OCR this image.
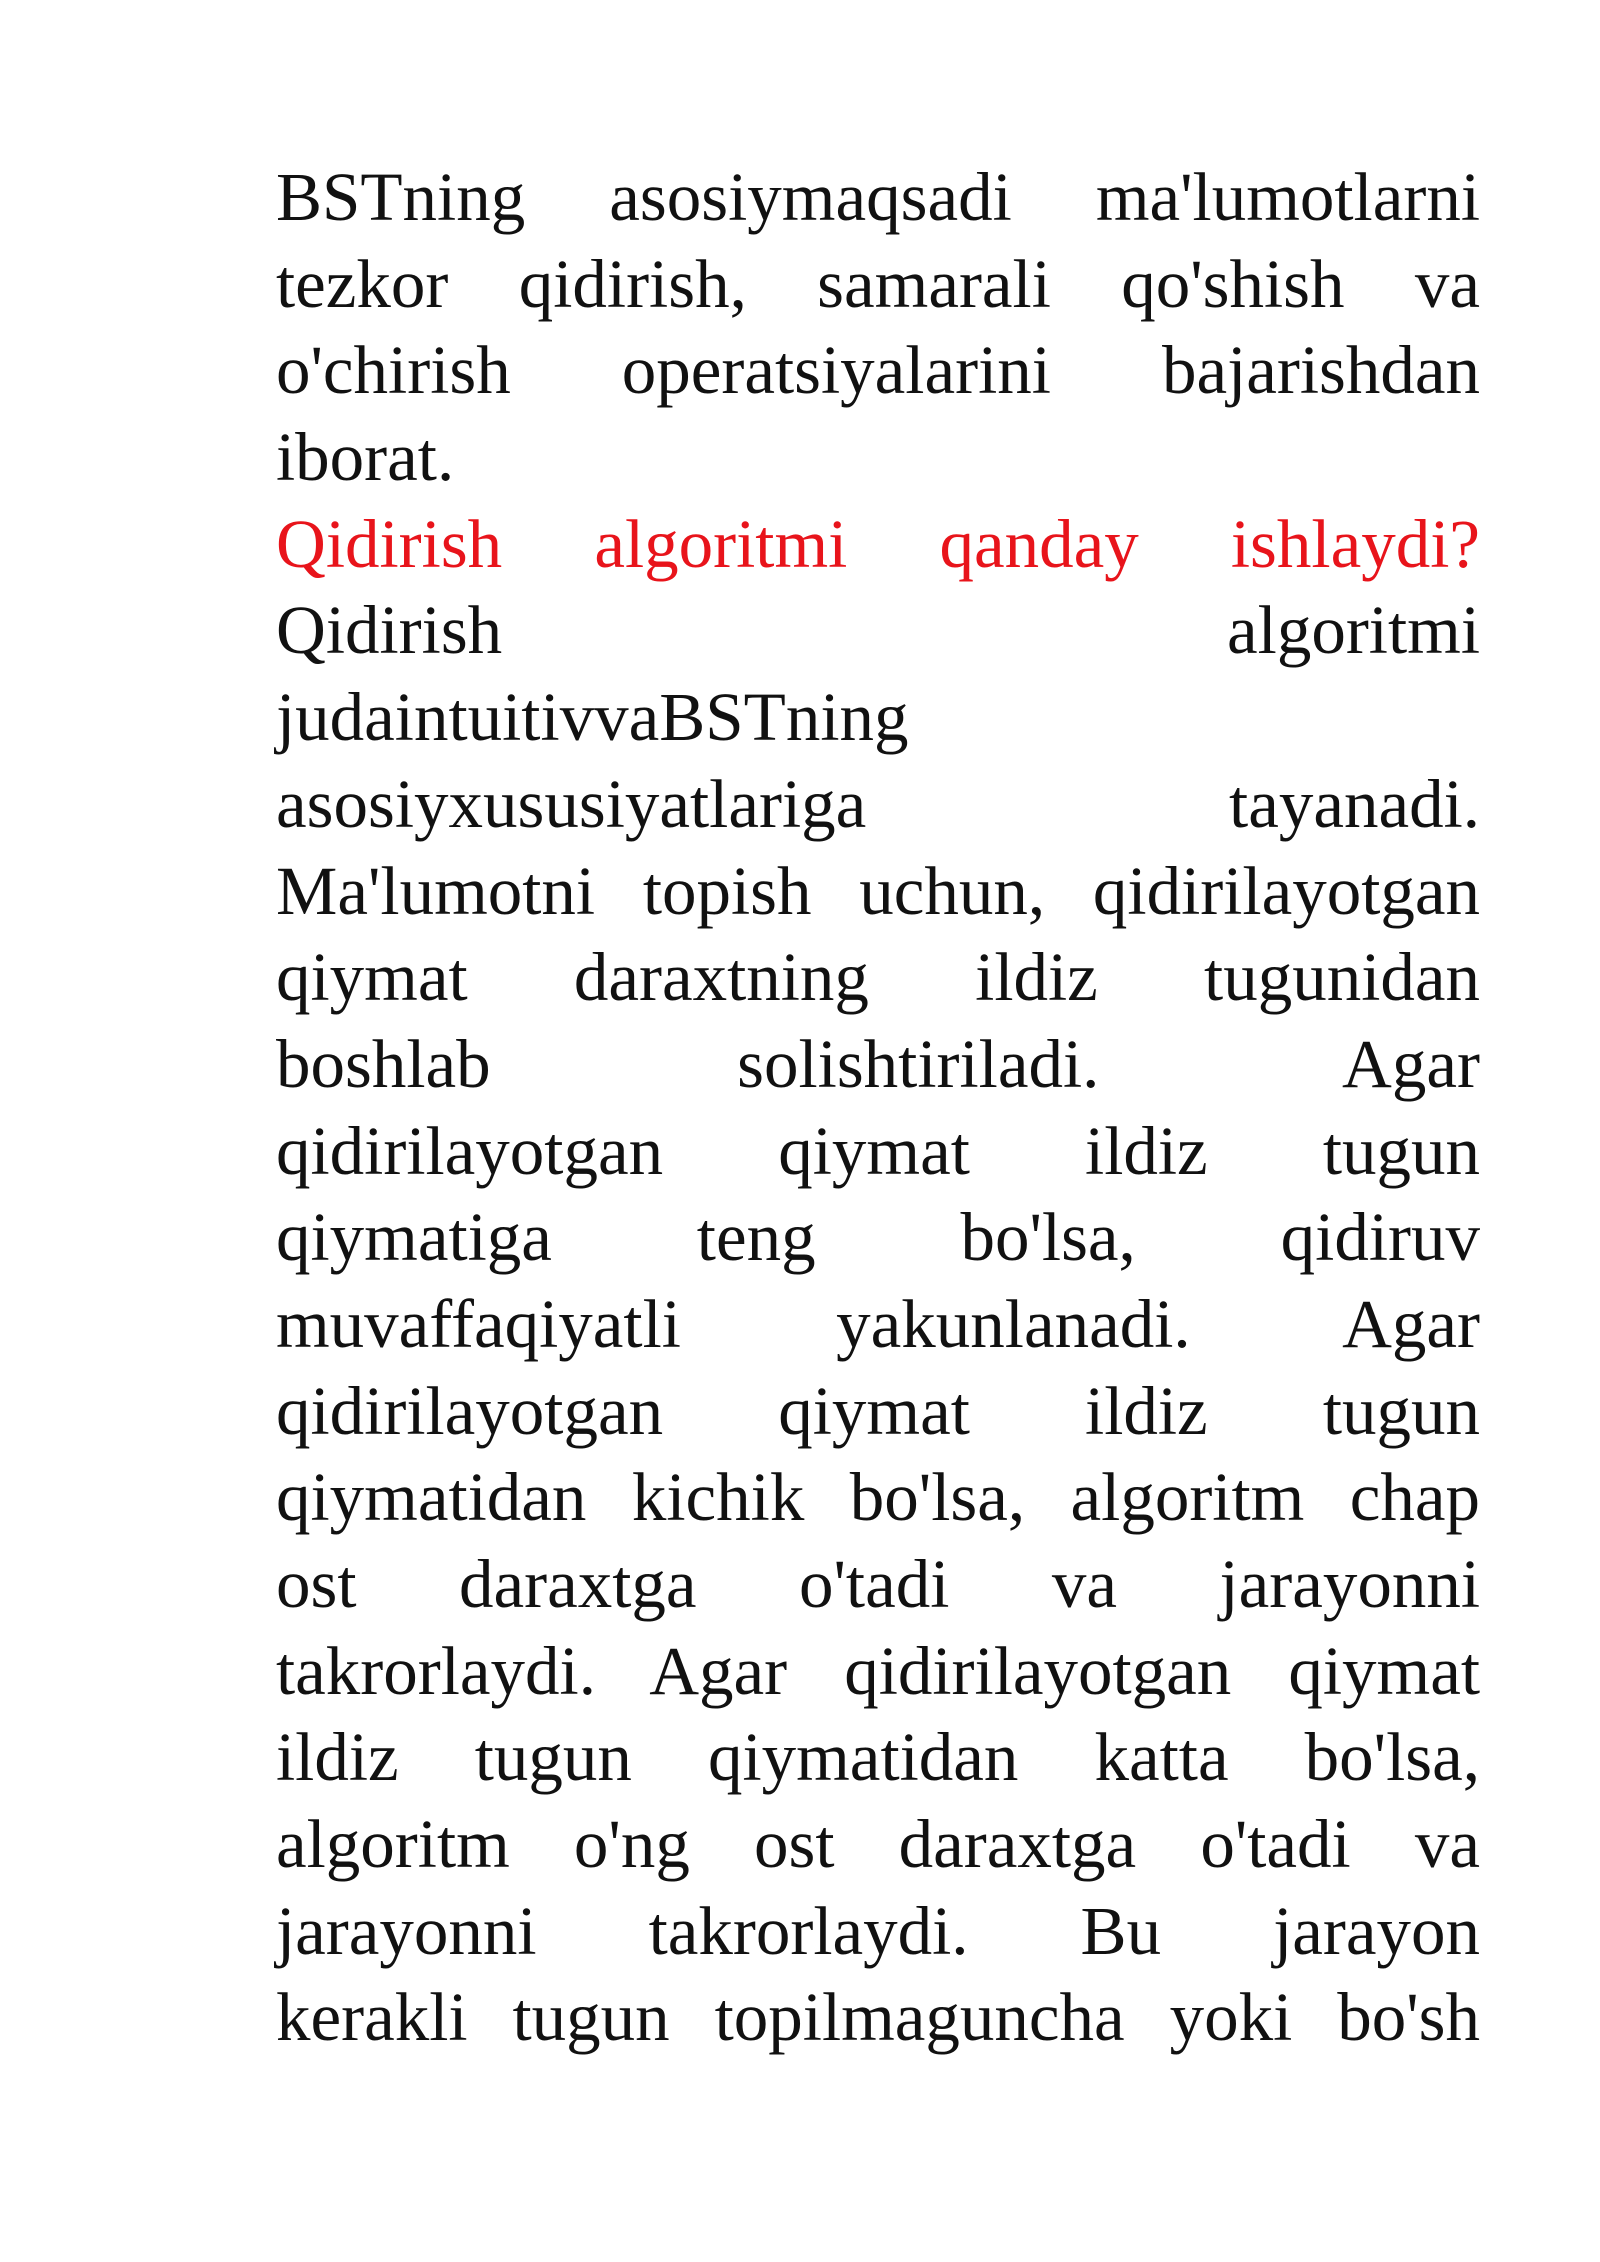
BSTning asosiymaqsadi ma'lumotlarni
tezkor qidirish, samarali qo'shish va
o'chirish operatsiyalarini bajarishdan
iborat.
Qidirish algoritmi qanday ishlaydi?
Qidirish algoritmi
judaintuitivvaBSTning
asosiyxususiyatlariga tayanadi.
Ma'lumotni topish uchun, qidirilayotgan
qiymat daraxtning ildiz tugunidan
boshlab solishtiriladi. Agar
qidirilayotgan qiymat ildiz tugun
qiymatiga teng bo'lsa, qidiruv
muvaffaqiyatli yakunlanadi. Agar
qidirilayotgan qiymat ildiz tugun
qiymatidan kichik bo'lsa, algoritm chap
ost daraxtga o'tadi va jarayonni
takrorlaydi. Agar qidirilayotgan qiymat
ildiz tugun qiymatidan katta bo'lsa,
algoritm o'ng ost daraxtga o'tadi va
jarayonni takrorlaydi. Bu jarayon
kerakli tugun topilmaguncha yoki bo'sh
